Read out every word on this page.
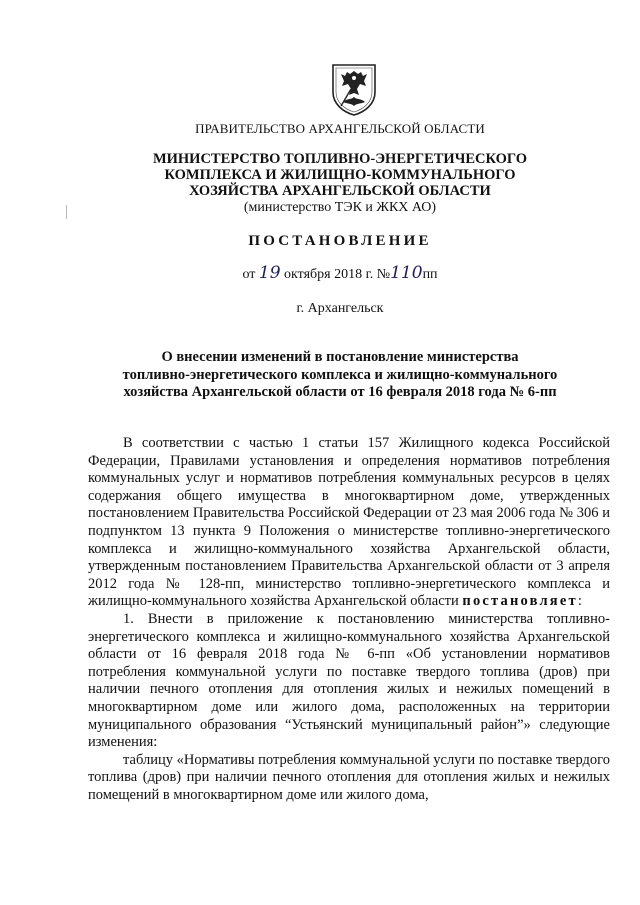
ПРАВИТЕЛЬСТВО АРХАНГЕЛЬСКОЙ ОБЛАСТИ
МИНИСТЕРСТВО ТОПЛИВНО-ЭНЕРГЕТИЧЕСКОГО
КОМПЛЕКСА И ЖИЛИЩНО-КОММУНАЛЬНОГО
ХОЗЯЙСТВА АРХАНГЕЛЬСКОЙ ОБЛАСТИ
(министерство ТЭК и ЖКХ АО)
ПОСТАНОВЛЕНИЕ
от 19 октября 2018 г. №110пп
г. Архангельск
О внесении изменений в постановление министерства
топливно-энергетического комплекса и жилищно-коммунального
хозяйства Архангельской области от 16 февраля 2018 года № 6-пп

В соответствии с частью 1 статьи 157 Жилищного кодекса Российской Федерации, Правилами установления и определения нормативов потребления коммунальных услуг и нормативов потребления коммунальных ресурсов в целях содержания общего имущества в многоквартирном доме, утвержденных постановлением Правительства Российской Федерации от 23 мая 2006 года № 306 и подпунктом 13 пункта 9 Положения о министерстве топливно-энергетического комплекса и жилищно-коммунального хозяйства Архангельской области, утвержденным постановлением Правительства Архангельской области от 3 апреля 2012 года № 128-пп, министерство топливно-энергетического комплекса и жилищно-коммунального хозяйства Архангельской области постановляет:

1. Внести в приложение к постановлению министерства топливно-энергетического комплекса и жилищно-коммунального хозяйства Архангельской области от 16 февраля 2018 года № 6-пп «Об установлении нормативов потребления коммунальной услуги по поставке твердого топлива (дров) при наличии печного отопления для отопления жилых и нежилых помещений в многоквартирном доме или жилого дома, расположенных на территории муниципального образования “Устьянский муниципальный район”» следующие изменения:

таблицу «Нормативы потребления коммунальной услуги по поставке твердого топлива (дров) при наличии печного отопления для отопления жилых и нежилых помещений в многоквартирном доме или жилого дома,
